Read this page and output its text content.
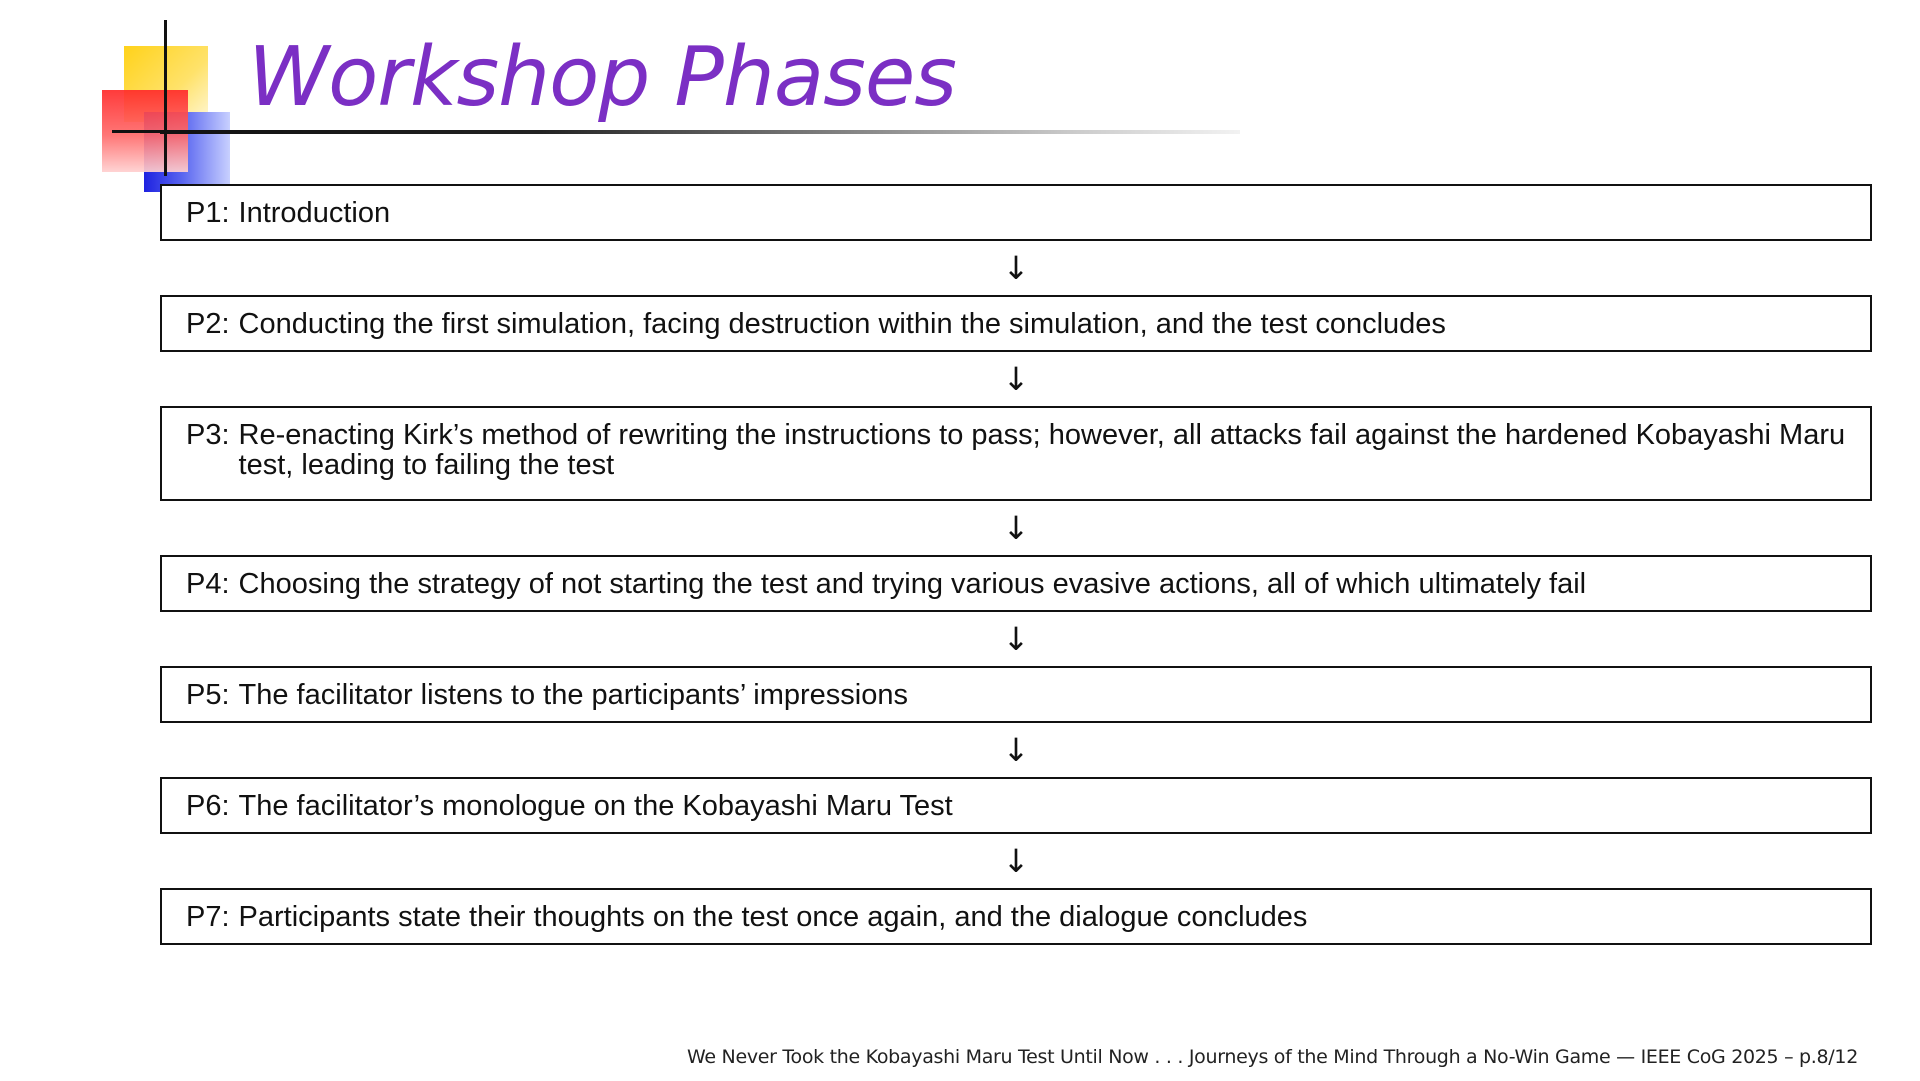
Workshop Phases
P1: Introduction
↓
P2: Conducting the first simulation, facing destruction within the simulation, and the test concludes
↓
P3: Re-enacting Kirk’s method of rewriting the instructions to pass; however, all attacks fail against the hardened Kobayashi Maru test, leading to failing the test
↓
P4: Choosing the strategy of not starting the test and trying various evasive actions, all of which ultimately fail
↓
P5: The facilitator listens to the participants’ impressions
↓
P6: The facilitator’s monologue on the Kobayashi Maru Test
↓
P7: Participants state their thoughts on the test once again, and the dialogue concludes
We Never Took the Kobayashi Maru Test Until Now . . . Journeys of the Mind Through a No-Win Game — IEEE CoG 2025 – p.8/12
